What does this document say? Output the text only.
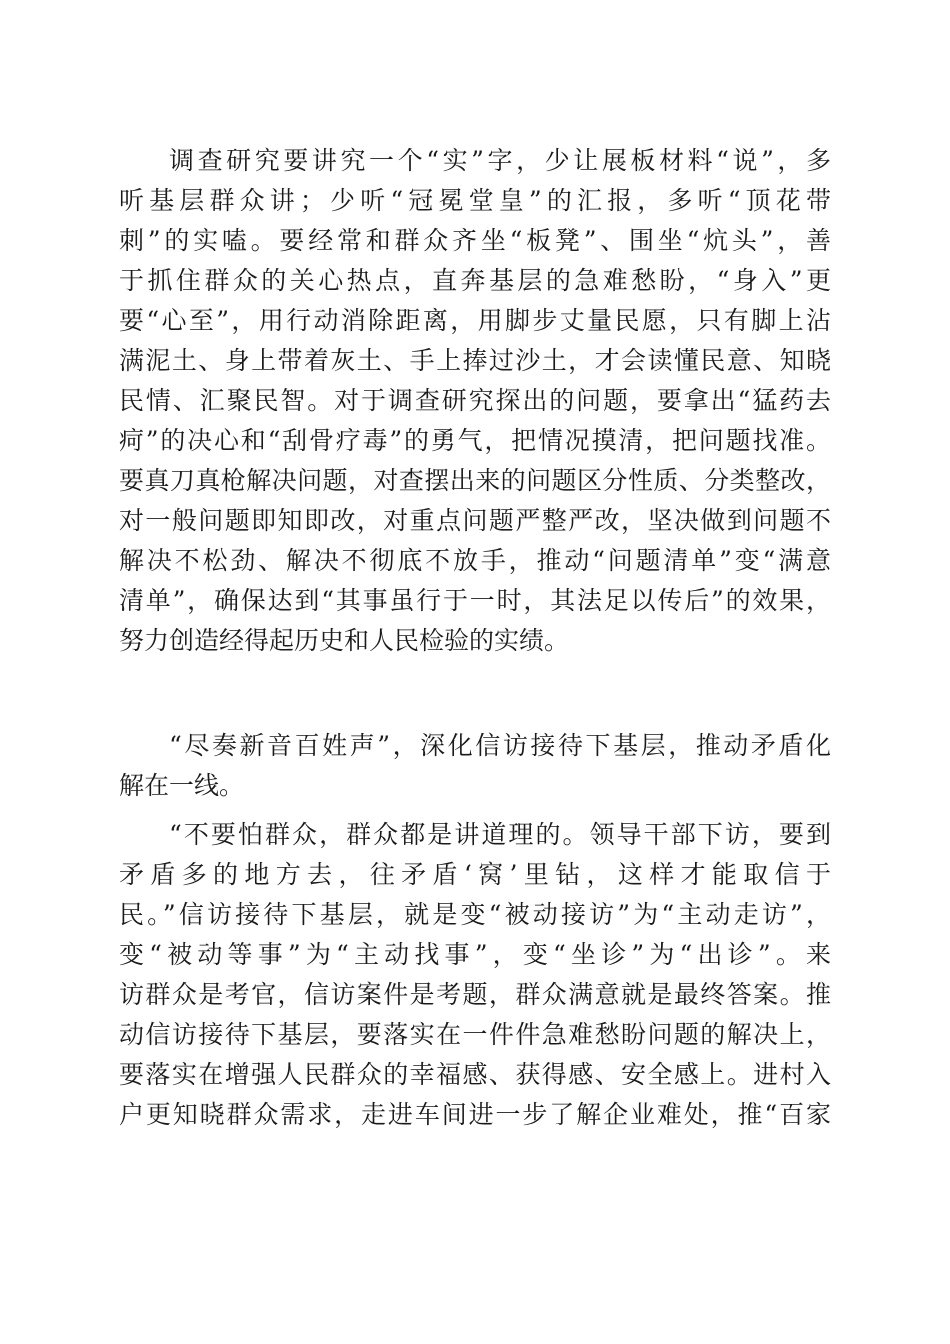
调查研究要讲究一个“实”字，少让展板材料“说”，多
听基层群众讲；少听“冠冕堂皇”的汇报，多听“顶花带
刺”的实嗑。要经常和群众齐坐“板凳”、围坐“炕头”，善
于抓住群众的关心热点，直奔基层的急难愁盼，“身入”更
要“心至”，用行动消除距离，用脚步丈量民愿，只有脚上沾
满泥土、身上带着灰土、手上捧过沙土，才会读懂民意、知晓
民情、汇聚民智。对于调查研究探出的问题，要拿出“猛药去
疴”的决心和“刮骨疗毒”的勇气，把情况摸清，把问题找准。
要真刀真枪解决问题，对查摆出来的问题区分性质、分类整改，
对一般问题即知即改，对重点问题严整严改，坚决做到问题不
解决不松劲、解决不彻底不放手，推动“问题清单”变“满意
清单”，确保达到“其事虽行于一时，其法足以传后”的效果，
努力创造经得起历史和人民检验的实绩。
“尽奏新音百姓声”，深化信访接待下基层，推动矛盾化
解在一线。
“不要怕群众，群众都是讲道理的。领导干部下访，要到
矛盾多的地方去，往矛盾‘窝’里钻，这样才能取信于
民。”信访接待下基层，就是变“被动接访”为“主动走访”，
变“被动等事”为“主动找事”，变“坐诊”为“出诊”。来
访群众是考官，信访案件是考题，群众满意就是最终答案。推
动信访接待下基层，要落实在一件件急难愁盼问题的解决上，
要落实在增强人民群众的幸福感、获得感、安全感上。进村入
户更知晓群众需求，走进车间进一步了解企业难处，推“百家
